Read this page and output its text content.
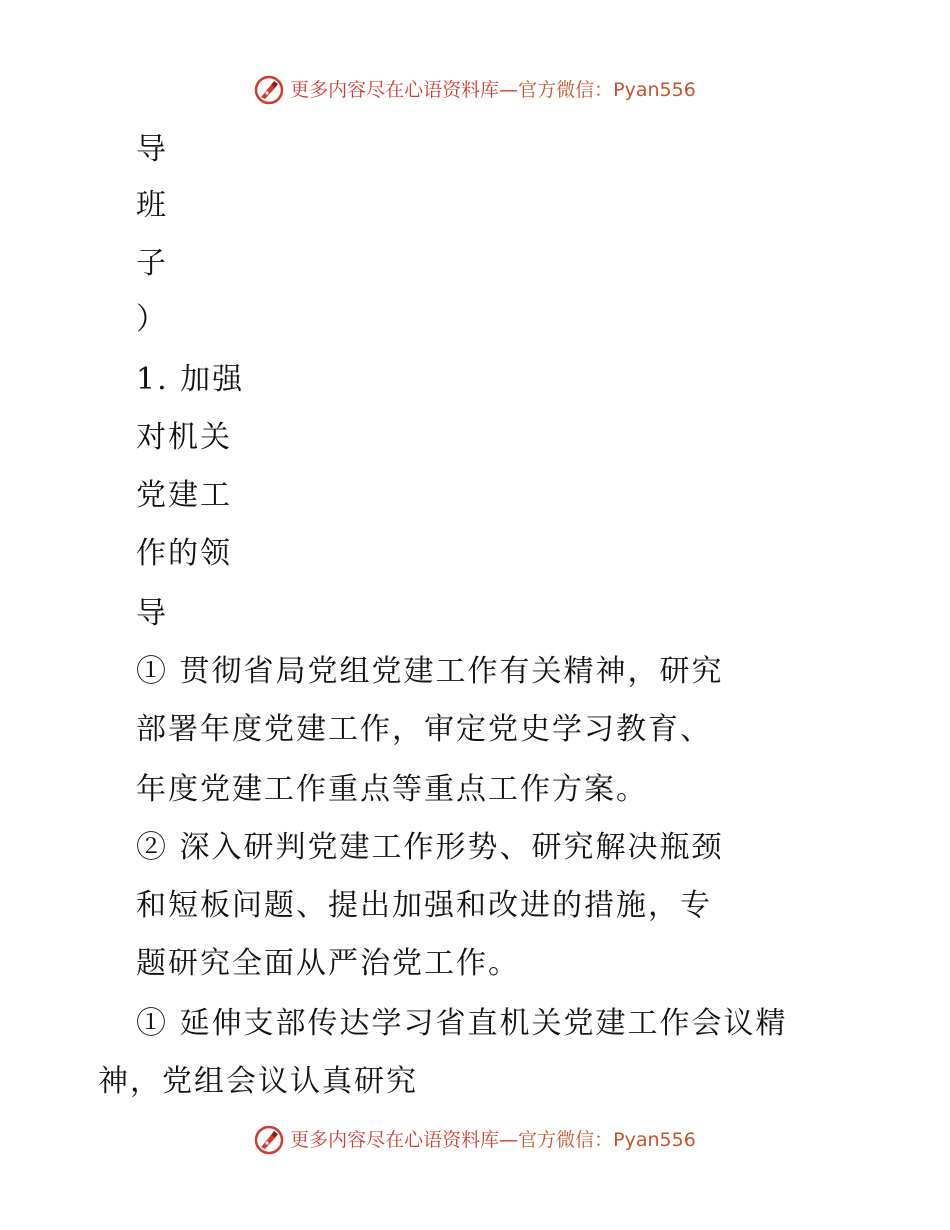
更多内容尽在心语资料库—官方微信：Pyan556
导
班
子
）
1. 加强
对机关
党建工
作的领
导
① 贯彻省局党组党建工作有关精神，研究
部署年度党建工作，审定党史学习教育、
年度党建工作重点等重点工作方案。
② 深入研判党建工作形势、研究解决瓶颈
和短板问题、提出加强和改进的措施，专
题研究全面从严治党工作。
① 延伸支部传达学习省直机关党建工作会议精
神，党组会议认真研究
更多内容尽在心语资料库—官方微信：Pyan556
